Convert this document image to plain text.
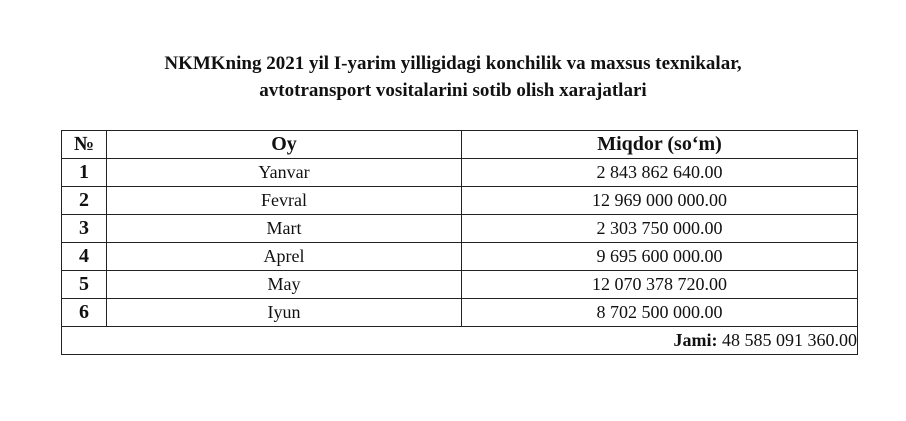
NKMKning 2021 yil I-yarim yilligidagi konchilik va maxsus texnikalar,
avtotransport vositalarini sotib olish xarajatlari
№	Oy	Miqdor (so‘m)
1	Yanvar	2 843 862 640.00
2	Fevral	12 969 000 000.00
3	Mart	2 303 750 000.00
4	Aprel	9 695 600 000.00
5	May	12 070 378 720.00
6	Iyun	8 702 500 000.00
Jami: 48 585 091 360.00		
